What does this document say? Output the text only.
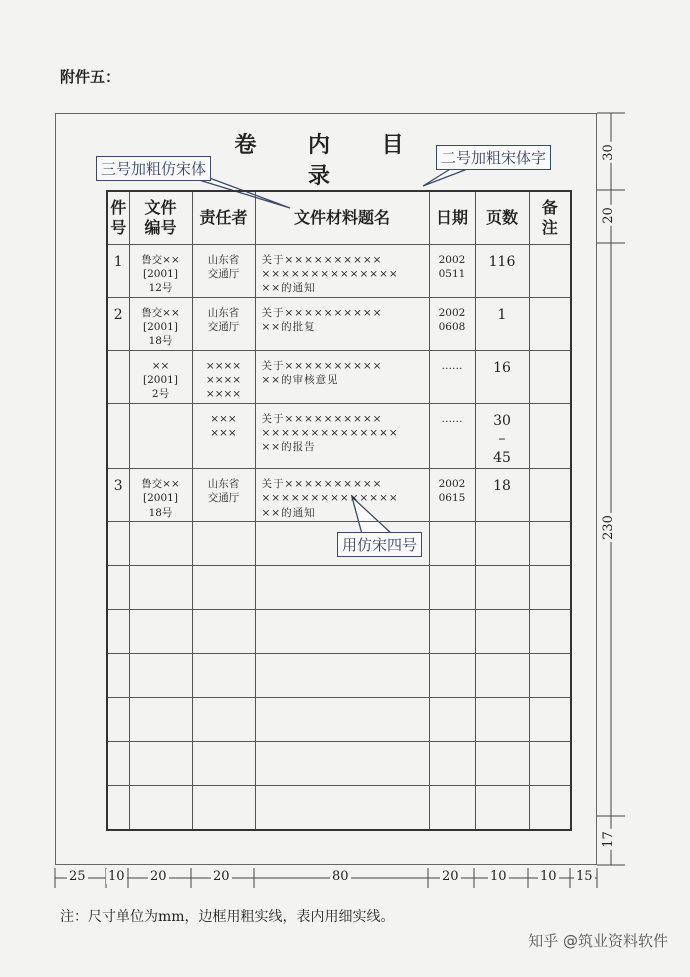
附件五：
卷 内 目 录
30
20
230
17
25 10 20	20	80	20 10	10 15
件
号	文件
编号	责任者	文件材料题名	日期	页数	备
注
1	鲁交××
[2001]
12号	山东省
交通厅	关于××××××××××
××××××××××××××
××的通知	2002
0511	116	
2	鲁交××
[2001]
18号	山东省
交通厅	关于××××××××××
××的批复	2002
0608	1	
	××
[2001]
2号	××××
××××
××××	关于××××××××××
××的审核意见	……	16	
		×××
×××	关于××××××××××
××××××××××××××
××的报告	……	30
–
45	
3	鲁交××
[2001]
18号	山东省
交通厅	关于××××××××××
××××××××××××××
××的通知	2002
0615	18	

三号加粗仿宋体
二号加粗宋体字
用仿宋四号
注：尺寸单位为mm，边框用粗实线，表内用细实线。
知乎 @筑业资料软件
